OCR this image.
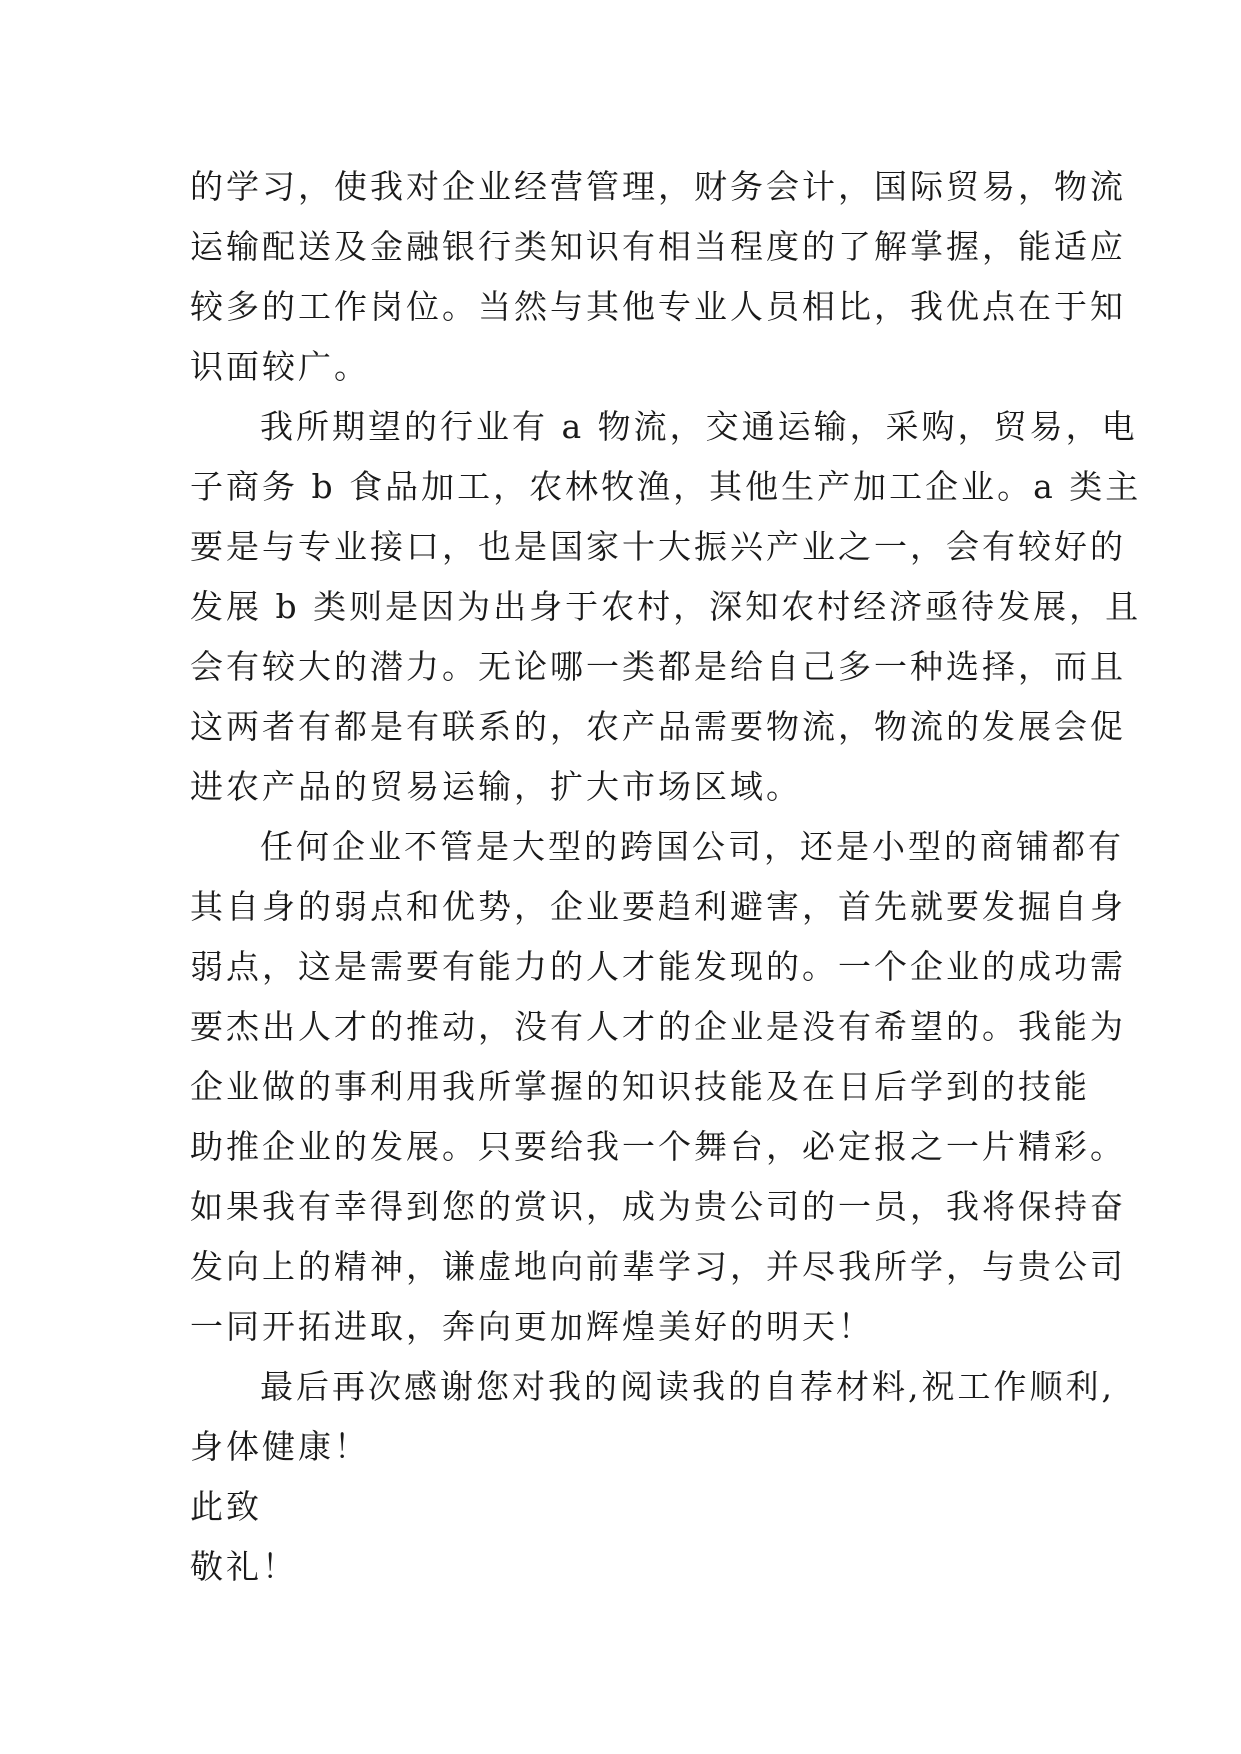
的学习，使我对企业经营管理，财务会计，国际贸易，物流
运输配送及金融银行类知识有相当程度的了解掌握，能适应
较多的工作岗位。当然与其他专业人员相比，我优点在于知
识面较广。
我所期望的行业有 a 物流，交通运输，采购，贸易，电
子商务 b 食品加工，农林牧渔，其他生产加工企业。a 类主
要是与专业接口，也是国家十大振兴产业之一，会有较好的
发展 b 类则是因为出身于农村，深知农村经济亟待发展，且
会有较大的潜力。无论哪一类都是给自己多一种选择，而且
这两者有都是有联系的，农产品需要物流，物流的发展会促
进农产品的贸易运输，扩大市场区域。
任何企业不管是大型的跨国公司，还是小型的商铺都有
其自身的弱点和优势，企业要趋利避害，首先就要发掘自身
弱点，这是需要有能力的人才能发现的。一个企业的成功需
要杰出人才的推动，没有人才的企业是没有希望的。我能为
企业做的事利用我所掌握的知识技能及在日后学到的技能
助推企业的发展。只要给我一个舞台，必定报之一片精彩。
如果我有幸得到您的赏识，成为贵公司的一员，我将保持奋
发向上的精神，谦虚地向前辈学习，并尽我所学，与贵公司
一同开拓进取，奔向更加辉煌美好的明天！
最后再次感谢您对我的阅读我的自荐材料,祝工作顺利,
身体健康！
此致
敬礼！
